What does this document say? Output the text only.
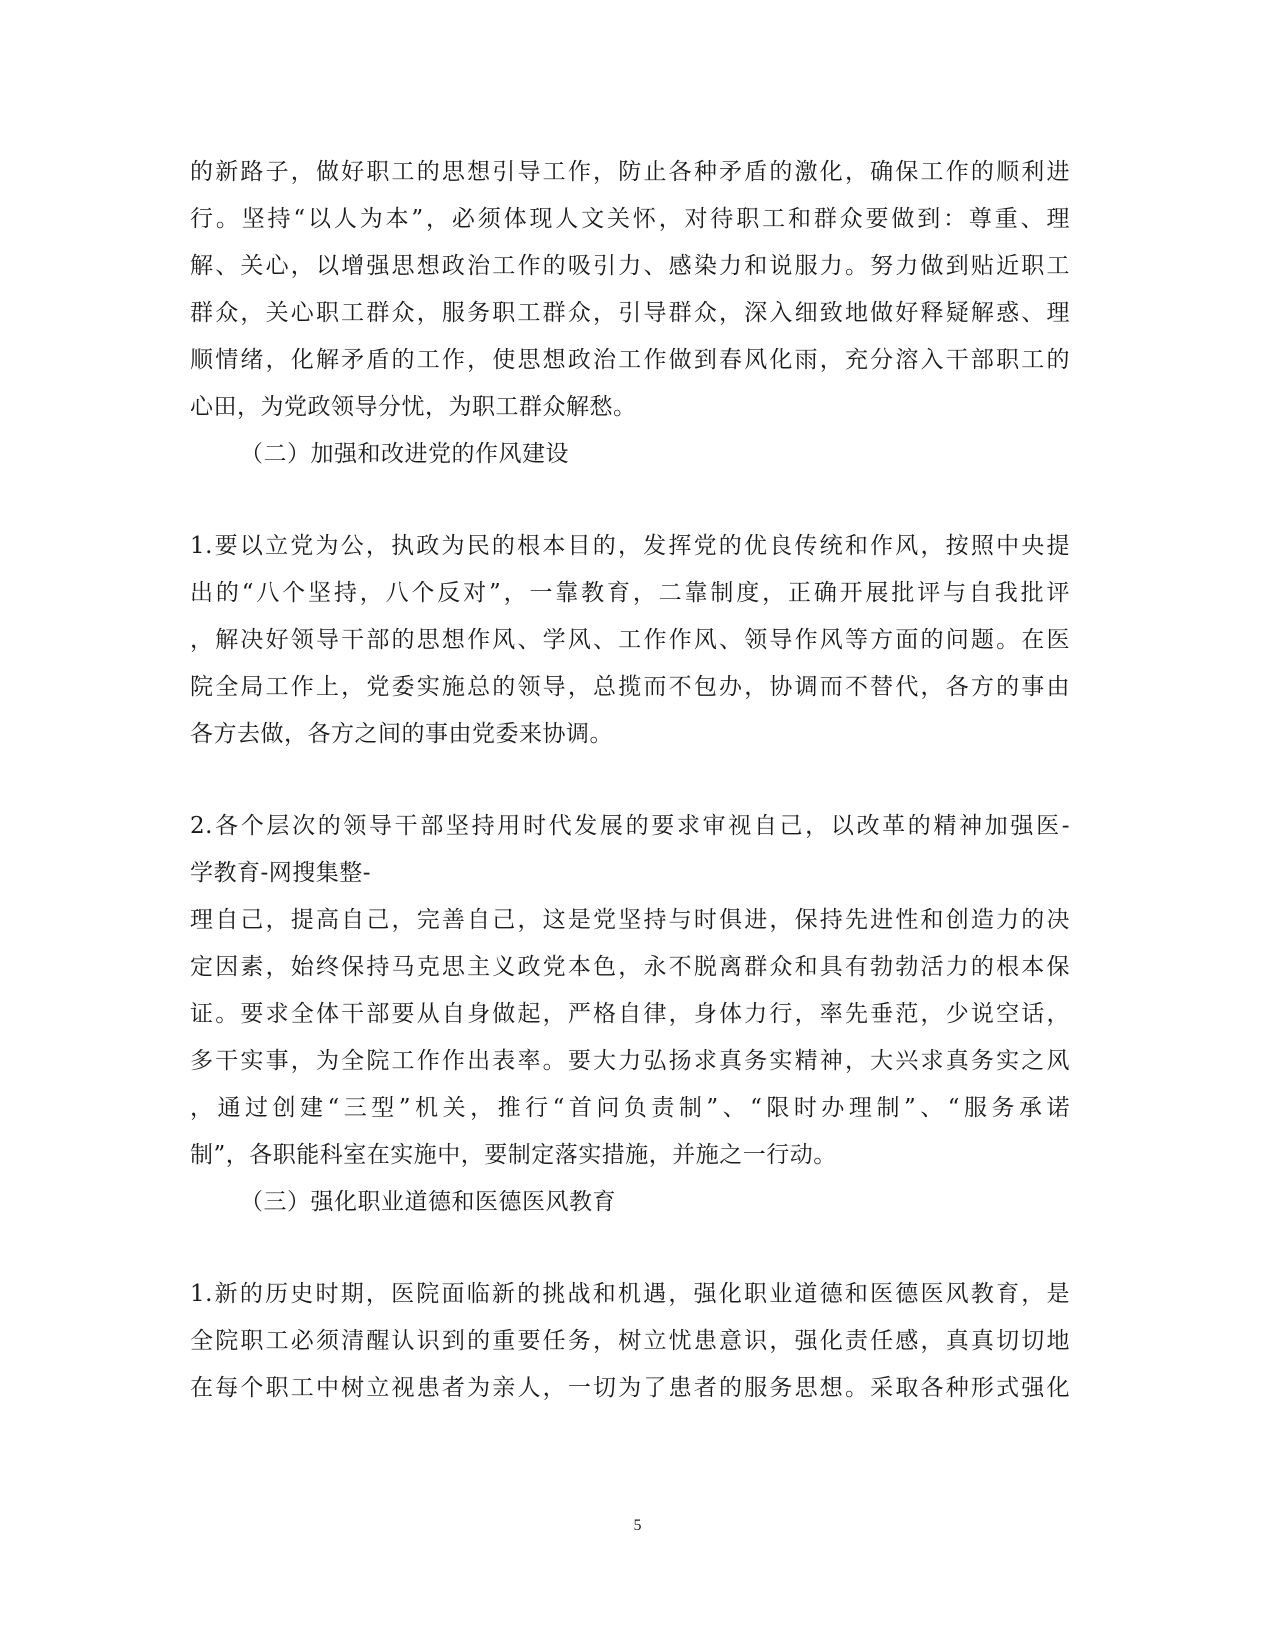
的新路子，做好职工的思想引导工作，防止各种矛盾的激化，确保工作的顺利进
行。坚持“以人为本”，必须体现人文关怀，对待职工和群众要做到：尊重、理
解、关心，以增强思想政治工作的吸引力、感染力和说服力。努力做到贴近职工
群众，关心职工群众，服务职工群众，引导群众，深入细致地做好释疑解惑、理
顺情绪，化解矛盾的工作，使思想政治工作做到春风化雨，充分溶入干部职工的
心田，为党政领导分忧，为职工群众解愁。
（二）加强和改进党的作风建设
1.要以立党为公，执政为民的根本目的，发挥党的优良传统和作风，按照中央提
出的“八个坚持，八个反对”，一靠教育，二靠制度，正确开展批评与自我批评
，解决好领导干部的思想作风、学风、工作作风、领导作风等方面的问题。在医
院全局工作上，党委实施总的领导，总揽而不包办，协调而不替代，各方的事由
各方去做，各方之间的事由党委来协调。
2.各个层次的领导干部坚持用时代发展的要求审视自己，以改革的精神加强医-
学教育-网搜集整-
理自己，提高自己，完善自己，这是党坚持与时俱进，保持先进性和创造力的决
定因素，始终保持马克思主义政党本色，永不脱离群众和具有勃勃活力的根本保
证。要求全体干部要从自身做起，严格自律，身体力行，率先垂范，少说空话，
多干实事，为全院工作作出表率。要大力弘扬求真务实精神，大兴求真务实之风
，通过创建“三型”机关，推行“首问负责制”、“限时办理制”、“服务承诺
制”，各职能科室在实施中，要制定落实措施，并施之一行动。
（三）强化职业道德和医德医风教育
1.新的历史时期，医院面临新的挑战和机遇，强化职业道德和医德医风教育，是
全院职工必须清醒认识到的重要任务，树立忧患意识，强化责任感，真真切切地
在每个职工中树立视患者为亲人，一切为了患者的服务思想。采取各种形式强化
5
